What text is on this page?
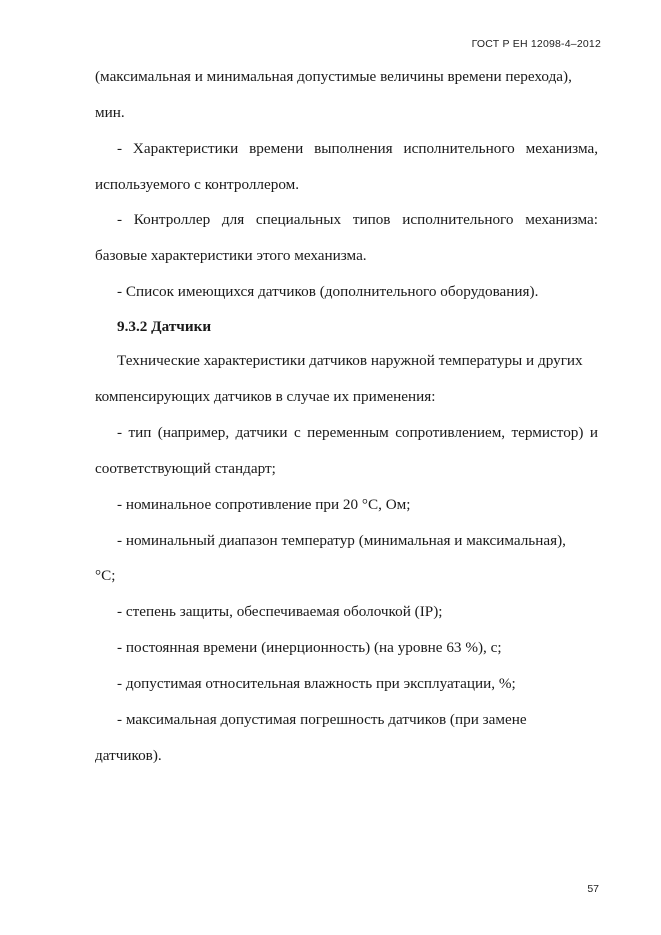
ГОСТ Р ЕН 12098-4–2012
(максимальная и минимальная допустимые величины времени перехода),
мин.
- Характеристики времени выполнения исполнительного механизма,
используемого с контроллером.
- Контроллер для специальных типов исполнительного механизма:
базовые характеристики этого механизма.
- Список имеющихся датчиков (дополнительного оборудования).
9.3.2 Датчики
Технические характеристики датчиков наружной температуры и других
компенсирующих датчиков в случае их применения:
- тип (например, датчики с переменным сопротивлением, термистор) и
соответствующий стандарт;
- номинальное сопротивление при 20 °С, Ом;
- номинальный диапазон температур (минимальная и максимальная),
°С;
- степень защиты, обеспечиваемая оболочкой (IP);
- постоянная времени (инерционность) (на уровне 63 %), с;
- допустимая относительная влажность при эксплуатации, %;
- максимальная допустимая погрешность датчиков (при замене
датчиков).
57
